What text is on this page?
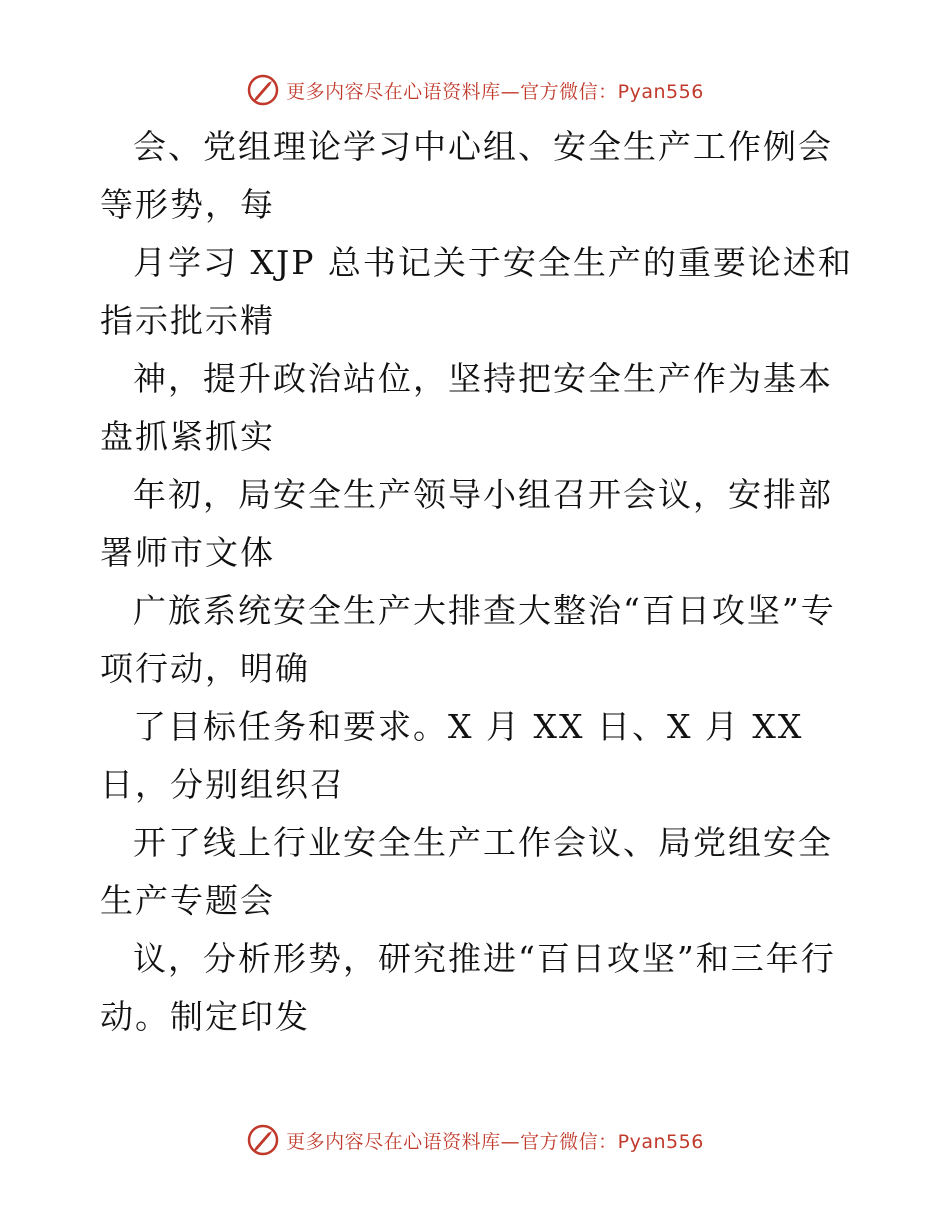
更多内容尽在心语资料库—官方微信：Pyan556

会、党组理论学习中心组、安全生产工作例会等形势，每

月学习 XJP 总书记关于安全生产的重要论述和指示批示精

神，提升政治站位，坚持把安全生产作为基本盘抓紧抓实

年初，局安全生产领导小组召开会议，安排部署师市文体

广旅系统安全生产大排查大整治“百日攻坚”专项行动，明确

了目标任务和要求。X 月 XX 日、X 月 XX 日，分别组织召

开了线上行业安全生产工作会议、局党组安全生产专题会

议，分析形势，研究推进“百日攻坚”和三年行动。制定印发

更多内容尽在心语资料库—官方微信：Pyan556
